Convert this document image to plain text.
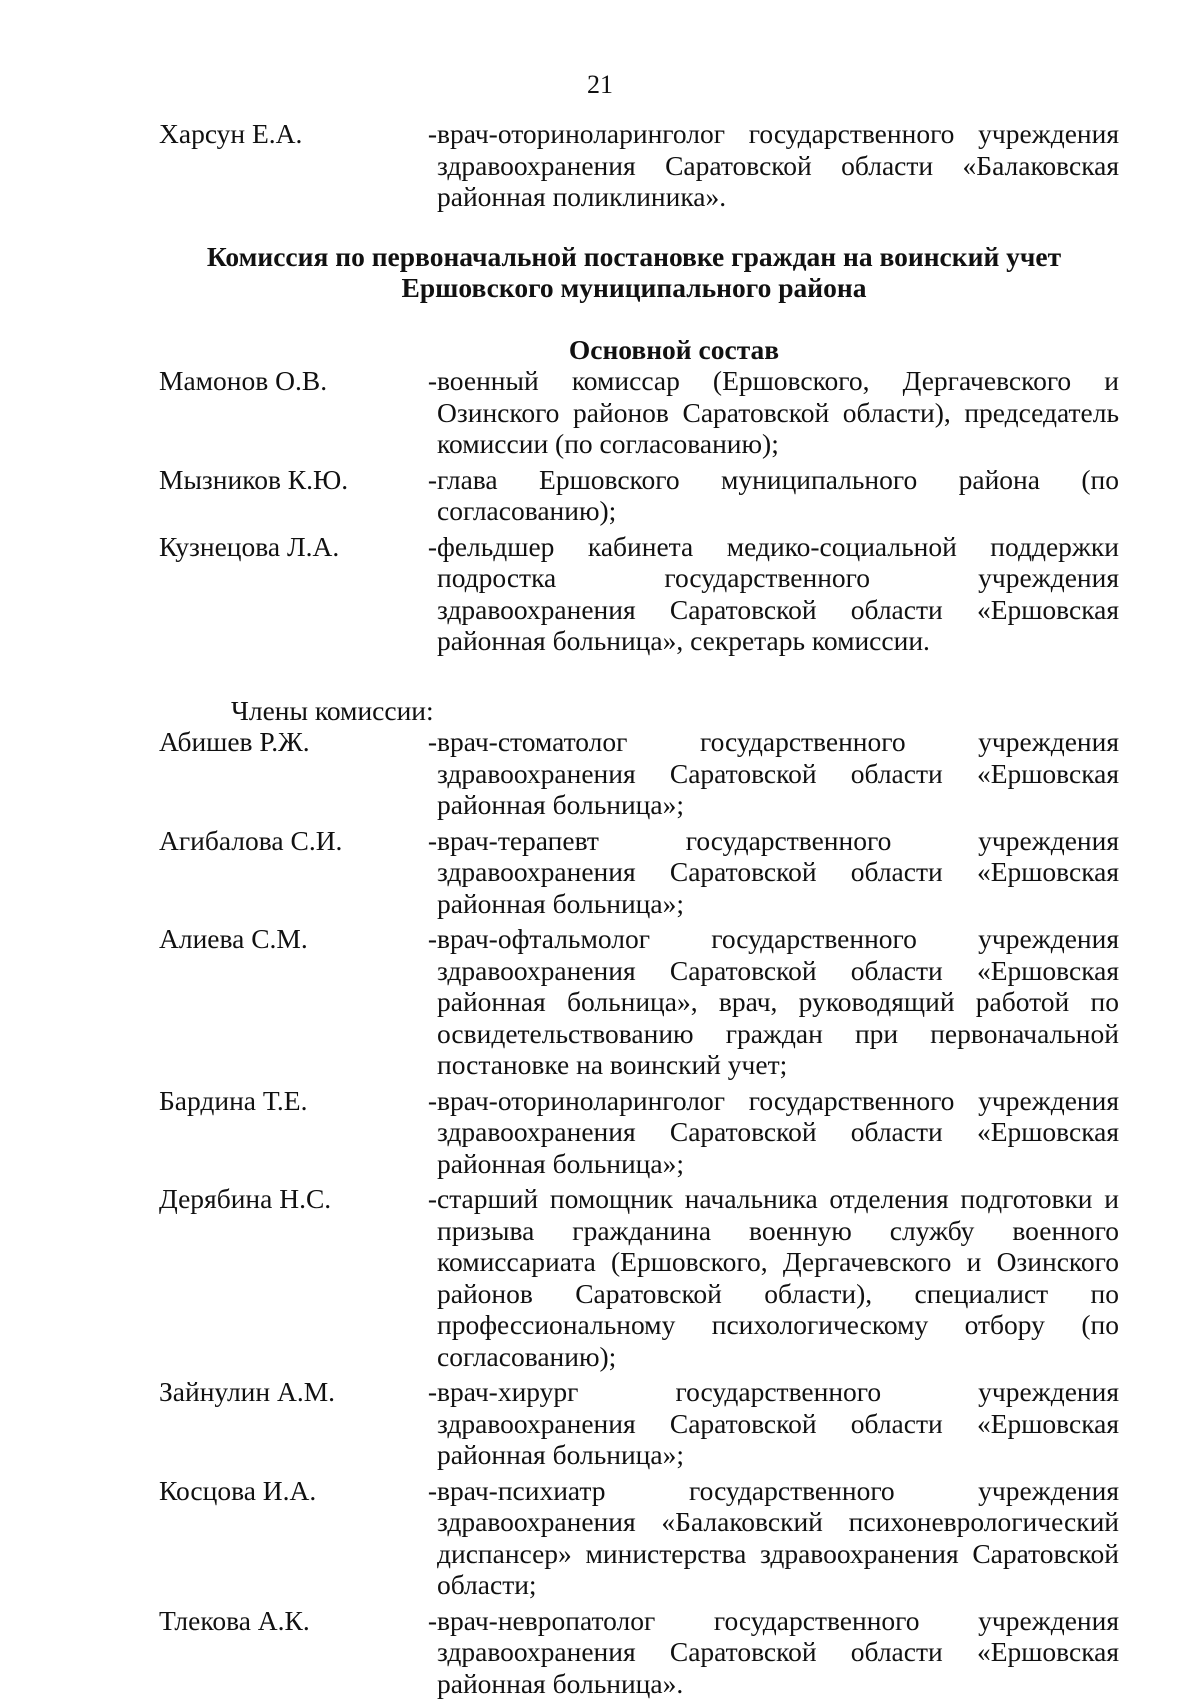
21
Харсун Е.А.	- врач-оториноларинголог государственного учреждения здравоохранения Саратовской области «Балаковская районная поликлиника».
Комиссия по первоначальной постановке граждан на воинский учет
Ершовского муниципального района
Основной состав
Мамонов О.В.	- военный комиссар (Ершовского, Дергачевского и Озинского районов Саратовской области), председатель комиссии (по согласованию);
Мызников К.Ю.	- глава Ершовского муниципального района (по согласованию);
Кузнецова Л.А.	- фельдшер кабинета медико-социальной поддержки подростка государственного учреждения здравоохранения Саратовской области «Ершовская районная больница», секретарь комиссии.
Члены комиссии:
Абишев Р.Ж.	- врач-стоматолог государственного учреждения здравоохранения Саратовской области «Ершовская районная больница»;
Агибалова С.И.	- врач-терапевт государственного учреждения здравоохранения Саратовской области «Ершовская районная больница»;
Алиева С.М.	- врач-офтальмолог государственного учреждения здравоохранения Саратовской области «Ершовская районная больница», врач, руководящий работой по освидетельствованию граждан при первоначальной постановке на воинский учет;
Бардина Т.Е.	- врач-оториноларинголог государственного учреждения здравоохранения Саратовской области «Ершовская районная больница»;
Дерябина Н.С.	- старший помощник начальника отделения подготовки и призыва гражданина военную службу военного комиссариата (Ершовского, Дергачевского и Озинского районов Саратовской области), специалист по профессиональному психологическому отбору (по согласованию);
Зайнулин А.М.	- врач-хирург государственного учреждения здравоохранения Саратовской области «Ершовская районная больница»;
Косцова И.А.	- врач-психиатр государственного учреждения здравоохранения «Балаковский психоневрологический диспансер» министерства здравоохранения Саратовской области;
Тлекова А.К.	- врач-невропатолог государственного учреждения здравоохранения Саратовской области «Ершовская районная больница».
